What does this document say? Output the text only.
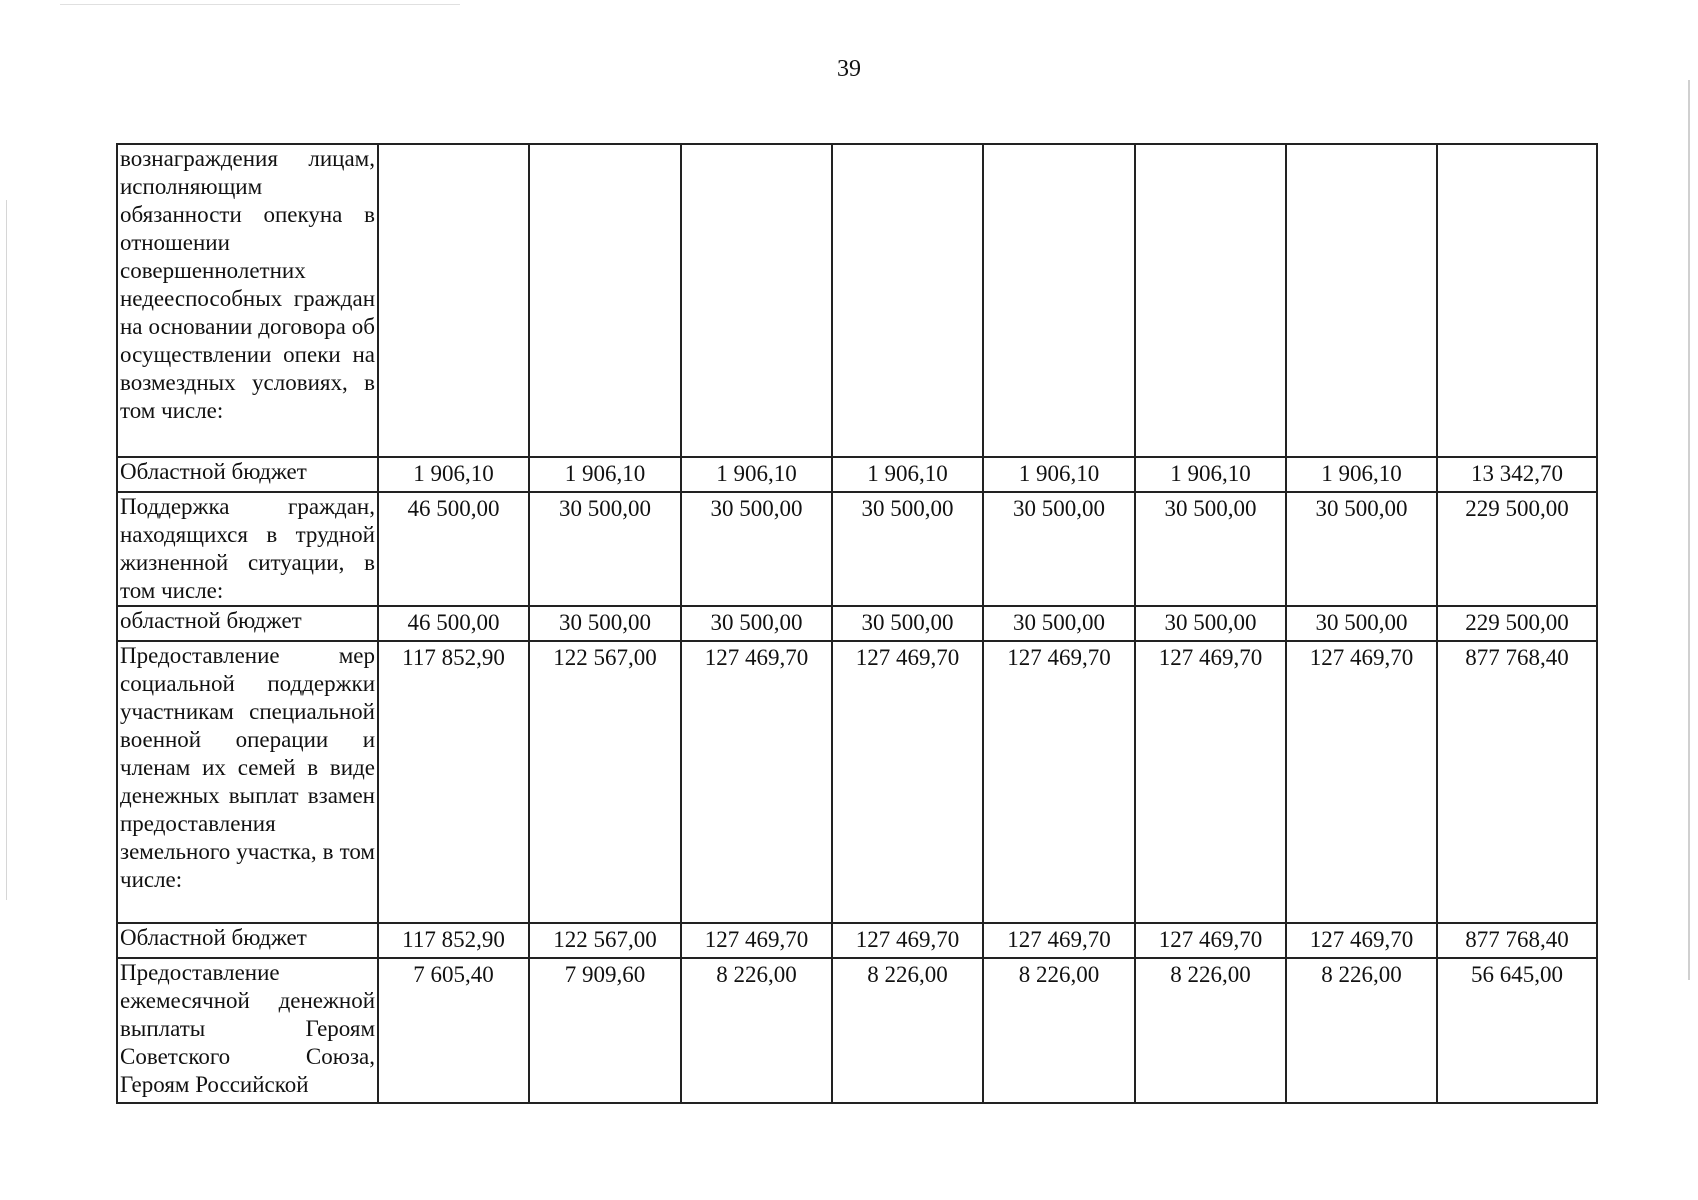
39
вознаграждения лицам, исполняющим обязанности опекуна в отношении совершеннолетних недееспособных граждан на основании договора об осуществлении опеки на возмездных условиях, в том числе:								
Областной бюджет	1 906,10	1 906,10	1 906,10	1 906,10	1 906,10	1 906,10	1 906,10	13 342,70
Поддержка граждан, находящихся в трудной жизненной ситуации, в том числе:	46 500,00	30 500,00	30 500,00	30 500,00	30 500,00	30 500,00	30 500,00	229 500,00
областной бюджет	46 500,00	30 500,00	30 500,00	30 500,00	30 500,00	30 500,00	30 500,00	229 500,00
Предоставление мер социальной поддержки участникам специальной военной операции и членам их семей в виде денежных выплат взамен предоставления земельного участка, в том числе:	117 852,90	122 567,00	127 469,70	127 469,70	127 469,70	127 469,70	127 469,70	877 768,40
Областной бюджет	117 852,90	122 567,00	127 469,70	127 469,70	127 469,70	127 469,70	127 469,70	877 768,40
Предоставление ежемесячной денежной выплаты Героям Советского Союза, Героям Российской	7 605,40	7 909,60	8 226,00	8 226,00	8 226,00	8 226,00	8 226,00	56 645,00
